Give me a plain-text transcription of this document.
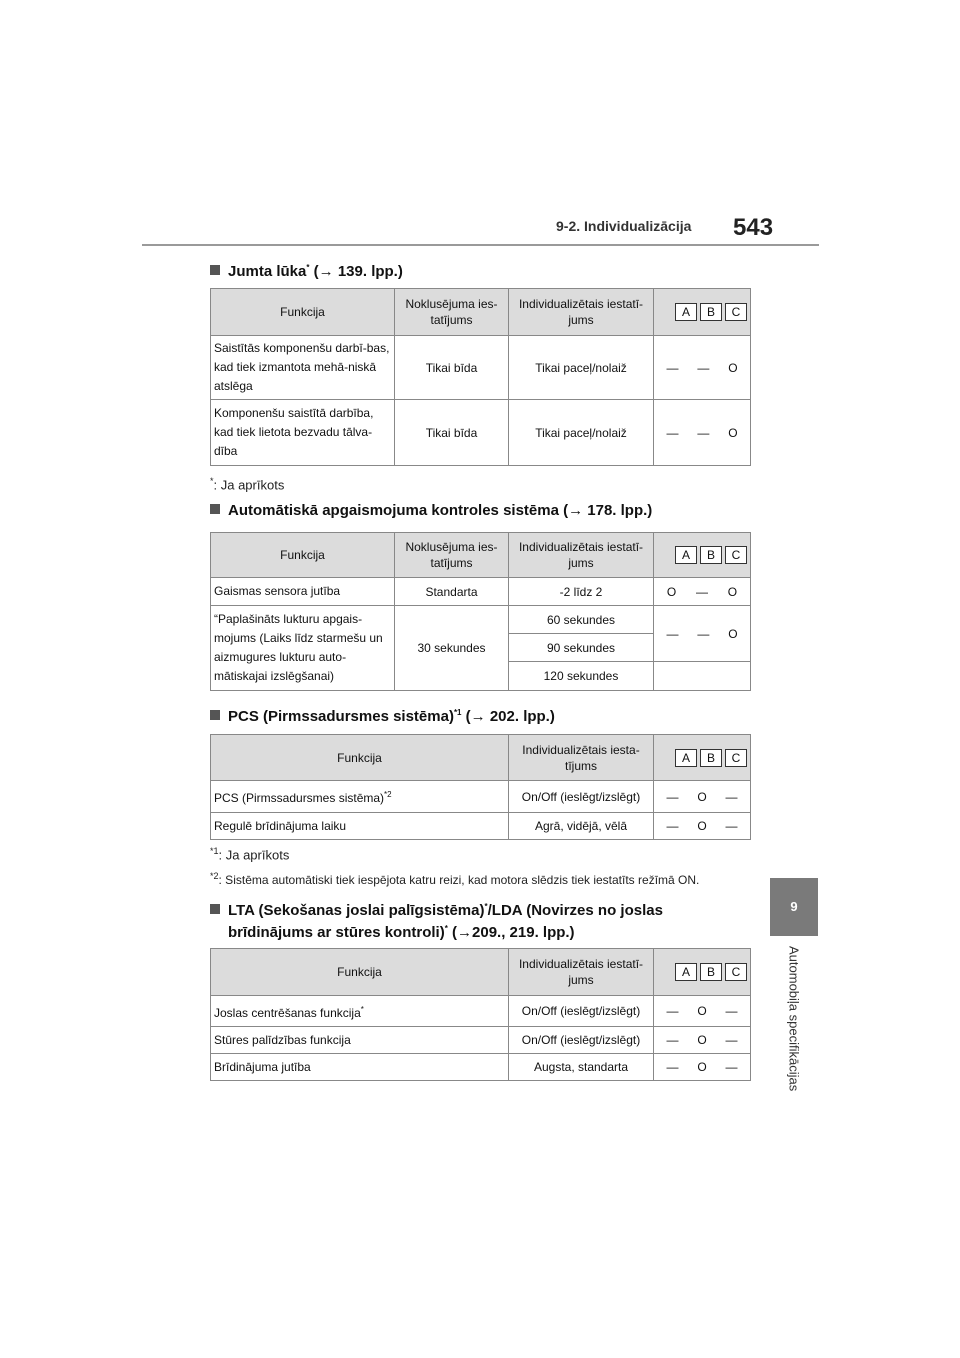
9-2. Individualizācija 543
9
Automobiļa specifikācijas
Jumta lūka* (→ 139. lpp.)
Funkcija	Noklusējuma ies-tatījums	Individualizētais iestatī-jums	A B C

Saistītās komponenšu darbī-bas, kad tiek izmantota mehā-niskā atslēga	Tikai bīda	Tikai paceļ/nolaiž	— — O

Komponenšu saistītā darbība, kad tiek lietota bezvadu tālva-dība	Tikai bīda	Tikai paceļ/nolaiž	— — O
*: Ja aprīkots
Automātiskā apgaismojuma kontroles sistēma (→ 178. lpp.)
Funkcija	Noklusējuma ies-tatījums	Individualizētais iestatī-jums	A B C

Gaismas sensora jutība	Standarta	-2 līdz 2	O — O

“Paplašināts lukturu apgais-mojums (Laiks līdz starmešu un aizmugures lukturu auto-mātiskajai izslēgšanai)	30 sekundes	60 sekundes	— — O

		90 sekundes	
		120 sekundes	
PCS (Pirmssadursmes sistēma)$^{*1}$ (→ 202. lpp.)
Funkcija	Individualizētais iesta-tījums	A B C

PCS (Pirmssadursmes sistēma)$^{*2}$	On/Off (ieslēgt/izslēgt)	— O —

Regulē brīdinājuma laiku	Agrā, vidējā, vēlā	— O —
$^{*1}$: Ja aprīkots
$^{*2}$: Sistēma automātiski tiek iespējota katru reizi, kad motora slēdzis tiek iestatīts režīmā ON.
LTA (Sekošanas joslai palīgsistēma)*/LDA (Novirzes no joslas
brīdinājums ar stūres kontroli)* (→209., 219. lpp.)
Funkcija	Individualizētais iestatī-jums	A B C

Joslas centrēšanas funkcija*	On/Off (ieslēgt/izslēgt)	— O —

Stūres palīdzības funkcija	On/Off (ieslēgt/izslēgt)	— O —

Brīdinājuma jutība	Augsta, standarta	— O —
